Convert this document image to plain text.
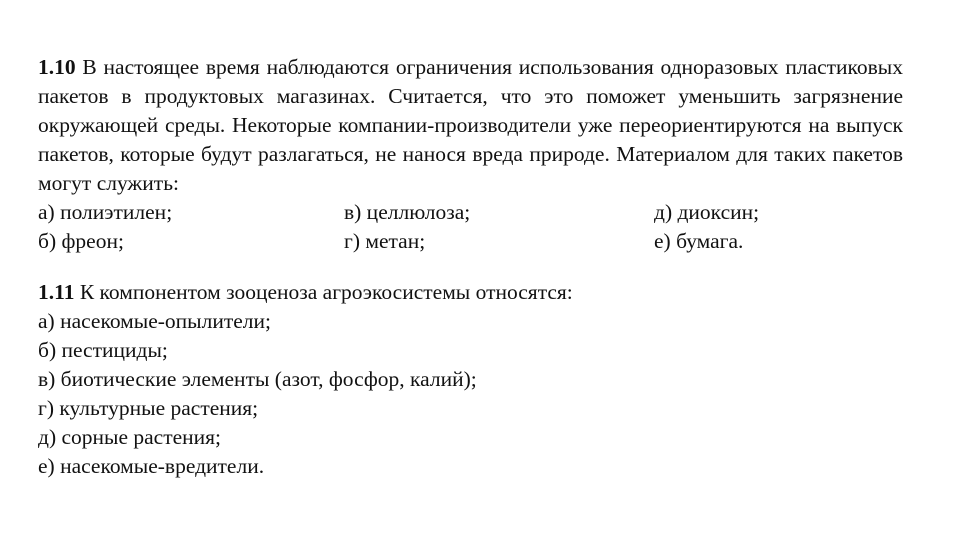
1.10 В настоящее время наблюдаются ограничения использования одноразовых пластиковых пакетов в продуктовых магазинах. Считается, что это поможет уменьшить загрязнение окружающей среды. Некоторые компании-производители уже переориентируются на выпуск пакетов, которые будут разлагаться, не нанося вреда природе. Материалом для таких пакетов могут служить:

а) полиэтилен;	в) целлюлоза;	д) диоксин;
б) фреон;	г) метан;	е) бумага.

1.11 К компонентом зооценоза агроэкосистемы относятся:

а) насекомые-опылители;
б) пестициды;
в) биотические элементы (азот, фосфор, калий);
г) культурные растения;
д) сорные растения;
е) насекомые-вредители.
